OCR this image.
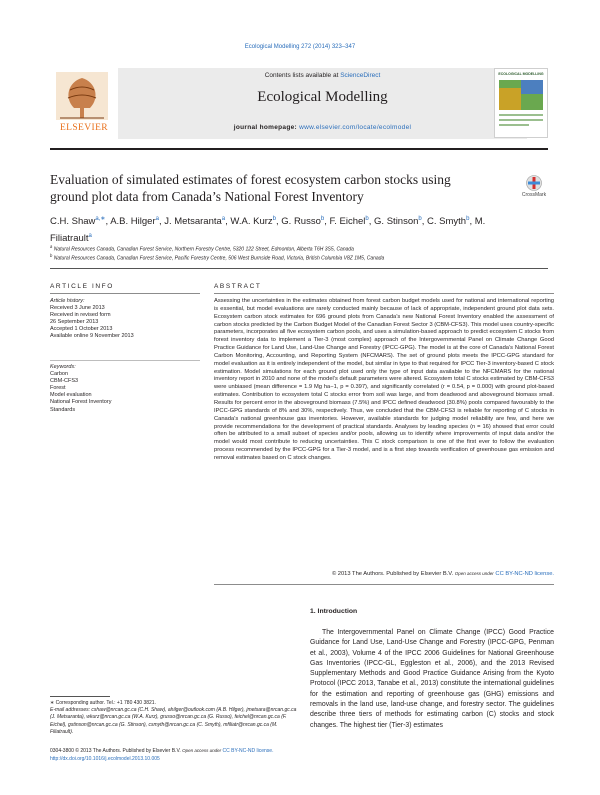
Ecological Modelling 272 (2014) 323–347
ELSEVIER
ECOLOGICAL MODELLING
Contents lists available at ScienceDirect
Ecological Modelling
journal homepage: www.elsevier.com/locate/ecolmodel
Evaluation of simulated estimates of forest ecosystem carbon stocks using ground plot data from Canada’s National Forest Inventory	CrossMark
C.H. Shaw$^{a,∗}$, A.B. Hilger$^a$, J. Metsaranta$^a$, W.A. Kurz$^b$, G. Russo$^b$, F. Eichel$^b$, G. Stinson$^b$, C. Smyth$^b$, M. Filiatrault$^a$
$^a$ Natural Resources Canada, Canadian Forest Service, Northern Forestry Centre, 5320 122 Street, Edmonton, Alberta T6H 3S5, Canada
$^b$ Natural Resources Canada, Canadian Forest Service, Pacific Forestry Centre, 506 West Burnside Road, Victoria, British Columbia V8Z 1M5, Canada
ARTICLE INFO	ABSTRACT
Article history:
Received 3 June 2013
Received in revised form
26 September 2013
Accepted 1 October 2013
Available online 9 November 2013
Keywords:
Carbon
CBM-CFS3
Forest
Model evaluation
National Forest Inventory
Standards
Assessing the uncertainties in the estimates obtained from forest carbon budget models used for national and international reporting is essential, but model evaluations are rarely conducted mainly because of lack of appropriate, independent ground plot data sets. Ecosystem carbon stock estimates for 696 ground plots from Canada’s new National Forest Inventory enabled the assessment of carbon stocks predicted by the Carbon Budget Model of the Canadian Forest Sector 3 (CBM-CFS3). This model uses country-specific parameters, incorporates all five ecosystem carbon pools, and uses a simulation-based approach to predict ecosystem C stocks from forest inventory data to implement a Tier-3 (most complex) approach of the Intergovernmental Panel on Climate Change Good Practice Guidance for Land Use, Land-Use Change and Forestry (IPCC-GPG). The model is at the core of Canada’s National Forest Carbon Monitoring, Accounting, and Reporting System (NFCMARS). The set of ground plots meets the IPCC-GPG standard for model evaluation as it is entirely independent of the model, but similar in type to that required for IPCC Tier-3 inventory-based C stock estimation. Model simulations for each ground plot used only the type of input data available to the NFCMARS for the national inventory report in 2010 and none of the model’s default parameters were altered. Ecosystem total C stocks estimated by CBM-CFS3 were unbiased (mean difference = 1.9 Mg ha−1, p = 0.397), and significantly correlated (r = 0.54, p = 0.000) with ground plot-based estimates. Contribution to ecosystem total C stocks error from soil was large, and from deadwood and aboveground biomass small. Results for percent error in the aboveground biomass (7.5%) and IPCC defined deadwood (30.8%) pools compared favourably to the IPCC-GPG standards of 8% and 30%, respectively. Thus, we concluded that the CBM-CFS3 is reliable for reporting of C stocks in Canada’s national greenhouse gas inventories. However, available standards for judging model reliability are few, and here we provide recommendations for the development of practical standards. Analyses by leading species (n = 16) showed that error could often be attributed to a small subset of species and/or pools, allowing us to identify where improvements of input data and/or the model would most contribute to reducing uncertainties. This C stock comparison is one of the first ever to follow the evaluation process recommended by the IPCC-GPG for a Tier-3 model, and is a first step towards verification of greenhouse gas emission and removal estimates based on C stock changes.
© 2013 The Authors. Published by Elsevier B.V. Open access under CC BY-NC-ND license.
1. Introduction
The Intergovernmental Panel on Climate Change (IPCC) Good Practice Guidance for Land Use, Land-Use Change and Forestry (IPCC-GPG, Penman et al., 2003), Volume 4 of the IPCC 2006 Guidelines for National Greenhouse Gas Inventories (IPCC-GL, Eggleston et al., 2006), and the 2013 Revised Supplementary Methods and Good Practice Guidance Arising from the Kyoto Protocol (IPCC 2013, Tanabe et al., 2013) constitute the international guidelines for the estimation and reporting of greenhouse gas (GHG) emissions and removals in the land use, land-use change, and forestry sector. The guidelines describe three tiers of methods for estimating carbon (C) stocks and stock changes. The highest tier (Tier-3) estimates
∗ Corresponding author. Tel.: +1 780 430 3821.
E-mail addresses: cshaw@nrcan.gc.ca (C.H. Shaw), ahilger@outlook.com (A.B. Hilger), jmetsara@nrcan.gc.ca (J. Metsaranta), wkurz@nrcan.gc.ca (W.A. Kurz), grusso@nrcan.gc.ca (G. Russo), feichel@nrcan.gc.ca (F. Eichel), gstinson@nrcan.gc.ca (G. Stinson), csmyth@nrcan.gc.ca (C. Smyth), mfiliatr@nrcan.gc.ca (M. Filiatrault).
0304-3800 © 2013 The Authors. Published by Elsevier B.V. Open access under CC BY-NC-ND license.
http://dx.doi.org/10.1016/j.ecolmodel.2013.10.005
